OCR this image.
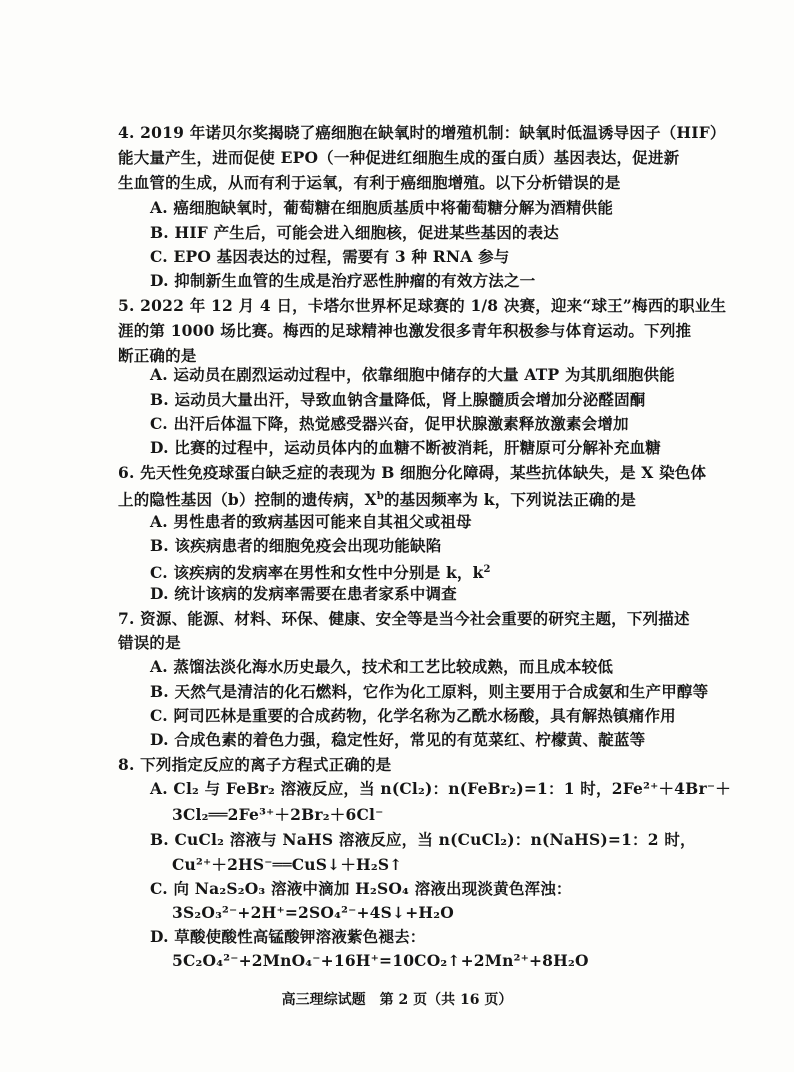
4. 2019 年诺贝尔奖揭晓了癌细胞在缺氧时的增殖机制：缺氧时低温诱导因子（HIF）
能大量产生，进而促使 EPO（一种促进红细胞生成的蛋白质）基因表达，促进新
生血管的生成，从而有利于运氧，有利于癌细胞增殖。以下分析错误的是
A. 癌细胞缺氧时，葡萄糖在细胞质基质中将葡萄糖分解为酒精供能
B. HIF 产生后，可能会进入细胞核，促进某些基因的表达
C. EPO 基因表达的过程，需要有 3 种 RNA 参与
D. 抑制新生血管的生成是治疗恶性肿瘤的有效方法之一
5. 2022 年 12 月 4 日，卡塔尔世界杯足球赛的 1/8 决赛，迎来“球王”梅西的职业生
涯的第 1000 场比赛。梅西的足球精神也激发很多青年积极参与体育运动。下列推
断正确的是
A. 运动员在剧烈运动过程中，依靠细胞中储存的大量 ATP 为其肌细胞供能
B. 运动员大量出汗，导致血钠含量降低，肾上腺髓质会增加分泌醛固酮
C. 出汗后体温下降，热觉感受器兴奋，促甲状腺激素释放激素会增加
D. 比赛的过程中，运动员体内的血糖不断被消耗，肝糖原可分解补充血糖
6. 先天性免疫球蛋白缺乏症的表现为 B 细胞分化障碍，某些抗体缺失，是 X 染色体
上的隐性基因（b）控制的遗传病，$X^b$的基因频率为 k，下列说法正确的是
A. 男性患者的致病基因可能来自其祖父或祖母
B. 该疾病患者的细胞免疫会出现功能缺陷
C. 该疾病的发病率在男性和女性中分别是 k，$k^2$
D. 统计该病的发病率需要在患者家系中调查
7. 资源、能源、材料、环保、健康、安全等是当今社会重要的研究主题，下列描述
错误的是
A. 蒸馏法淡化海水历史最久，技术和工艺比较成熟，而且成本较低
B. 天然气是清洁的化石燃料，它作为化工原料，则主要用于合成氨和生产甲醇等
C. 阿司匹林是重要的合成药物，化学名称为乙酰水杨酸，具有解热镇痛作用
D. 合成色素的着色力强，稳定性好，常见的有苋菜红、柠檬黄、靛蓝等
8. 下列指定反应的离子方程式正确的是
A. Cl₂ 与 FeBr₂ 溶液反应，当 n(Cl₂)：n(FeBr₂)=1：1 时，2Fe²⁺＋4Br⁻＋
3Cl₂══2Fe³⁺＋2Br₂＋6Cl⁻
B. CuCl₂ 溶液与 NaHS 溶液反应，当 n(CuCl₂)：n(NaHS)=1：2 时，
Cu²⁺＋2HS⁻══CuS↓＋H₂S↑
C. 向 Na₂S₂O₃ 溶液中滴加 H₂SO₄ 溶液出现淡黄色浑浊：
3S₂O₃²⁻+2H⁺=2SO₄²⁻+4S↓+H₂O
D. 草酸使酸性高锰酸钾溶液紫色褪去：
5C₂O₄²⁻+2MnO₄⁻+16H⁺=10CO₂↑+2Mn²⁺+8H₂O
高三理综试题　第 2 页（共 16 页）
